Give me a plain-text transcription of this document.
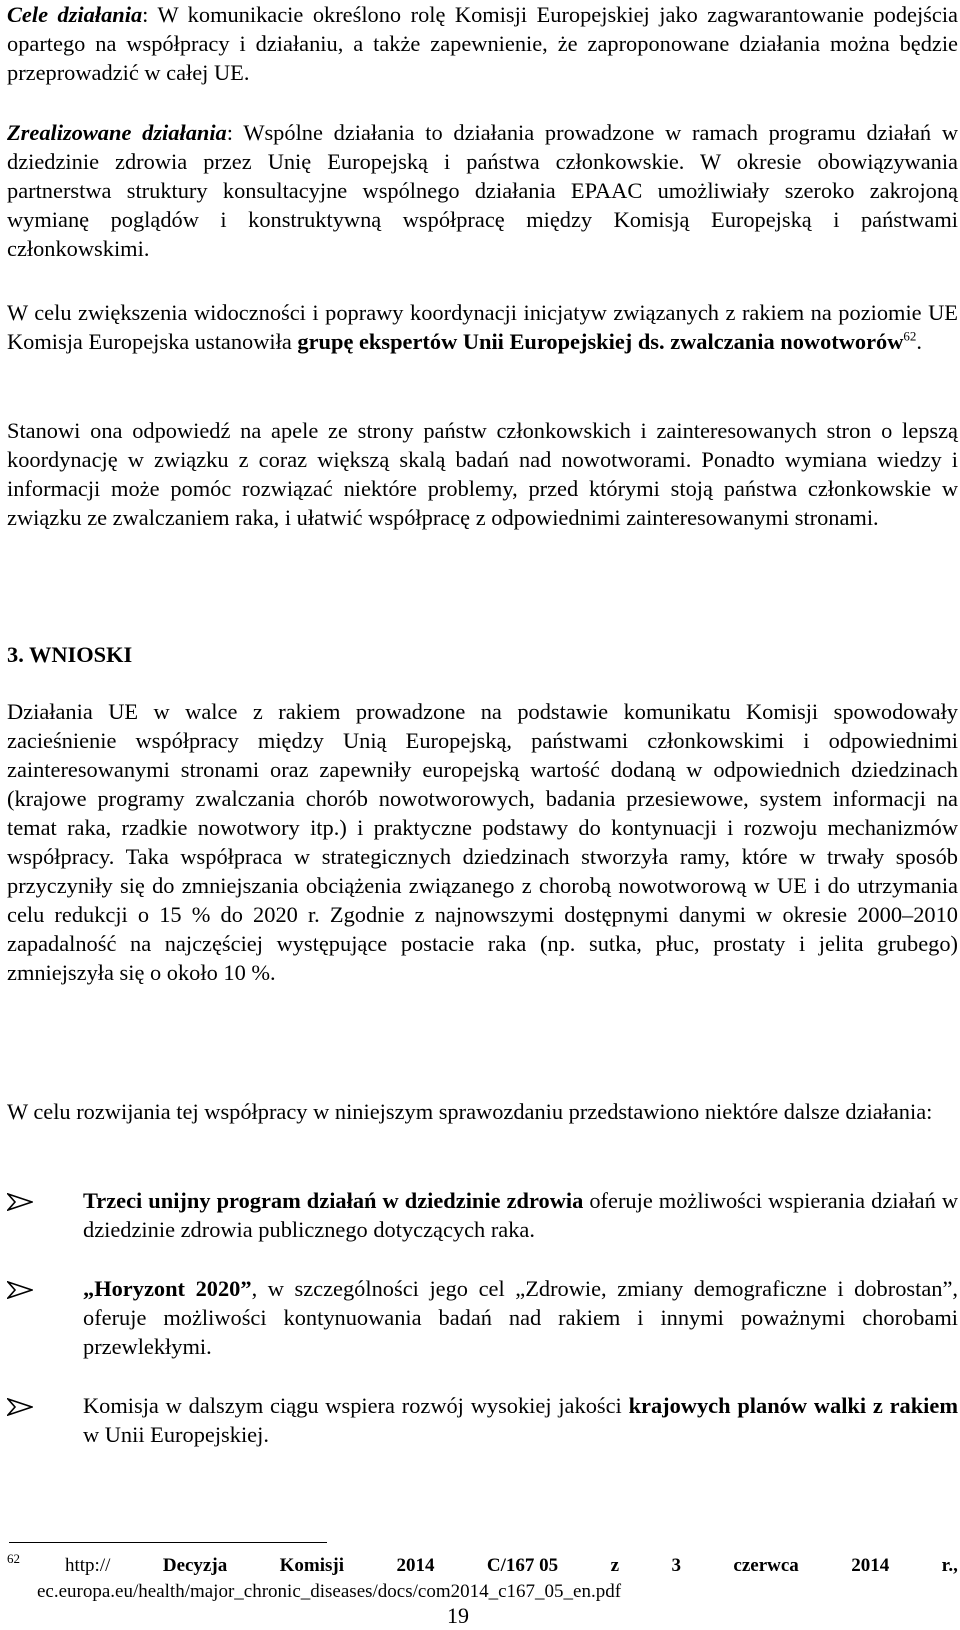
Cele działania: W komunikacie określono rolę Komisji Europejskiej jako zagwarantowanie podejścia opartego na współpracy i działaniu, a także zapewnienie, że zaproponowane działania można będzie przeprowadzić w całej UE.

Zrealizowane działania: Wspólne działania to działania prowadzone w ramach programu działań w dziedzinie zdrowia przez Unię Europejską i państwa członkowskie. W okresie obowiązywania partnerstwa struktury konsultacyjne wspólnego działania EPAAC umożliwiały szeroko zakrojoną wymianę poglądów i konstruktywną współpracę między Komisją Europejską i państwami członkowskimi.

W celu zwiększenia widoczności i poprawy koordynacji inicjatyw związanych z rakiem na poziomie UE Komisja Europejska ustanowiła grupę ekspertów Unii Europejskiej ds. zwalczania nowotworów$^{62}$.

Stanowi ona odpowiedź na apele ze strony państw członkowskich i zainteresowanych stron o lepszą koordynację w związku z coraz większą skalą badań nad nowotworami. Ponadto wymiana wiedzy i informacji może pomóc rozwiązać niektóre problemy, przed którymi stoją państwa członkowskie w związku ze zwalczaniem raka, i ułatwić współpracę z odpowiednimi zainteresowanymi stronami.

3. WNIOSKI

Działania UE w walce z rakiem prowadzone na podstawie komunikatu Komisji spowodowały zacieśnienie współpracy między Unią Europejską, państwami członkowskimi i odpowiednimi zainteresowanymi stronami oraz zapewniły europejską wartość dodaną w odpowiednich dziedzinach (krajowe programy zwalczania chorób nowotworowych, badania przesiewowe, system informacji na temat raka, rzadkie nowotwory itp.) i praktyczne podstawy do kontynuacji i rozwoju mechanizmów współpracy. Taka współpraca w strategicznych dziedzinach stworzyła ramy, które w trwały sposób przyczyniły się do zmniejszania obciążenia związanego z chorobą nowotworową w UE i do utrzymania celu redukcji o 15 % do 2020 r. Zgodnie z najnowszymi dostępnymi danymi w okresie 2000–2010 zapadalność na najczęściej występujące postacie raka (np. sutka, płuc, prostaty i jelita grubego) zmniejszyła się o około 10 %.

W celu rozwijania tej współpracy w niniejszym sprawozdaniu przedstawiono niektóre dalsze działania:

Trzeci unijny program działań w dziedzinie zdrowia oferuje możliwości wspierania działań w dziedzinie zdrowia publicznego dotyczących raka.
„Horyzont 2020”, w szczególności jego cel „Zdrowie, zmiany demograficzne i dobrostan”, oferuje możliwości kontynuowania badań nad rakiem i innymi poważnymi chorobami przewlekłymi.
Komisja w dalszym ciągu wspiera rozwój wysokiej jakości krajowych planów walki z rakiem w Unii Europejskiej.
62 http://	Decyzja	Komisji	2014	C/167 05	z	3	czerwca	2014	r.,
ec.europa.eu/health/major_chronic_diseases/docs/com2014_c167_05_en.pdf
19
